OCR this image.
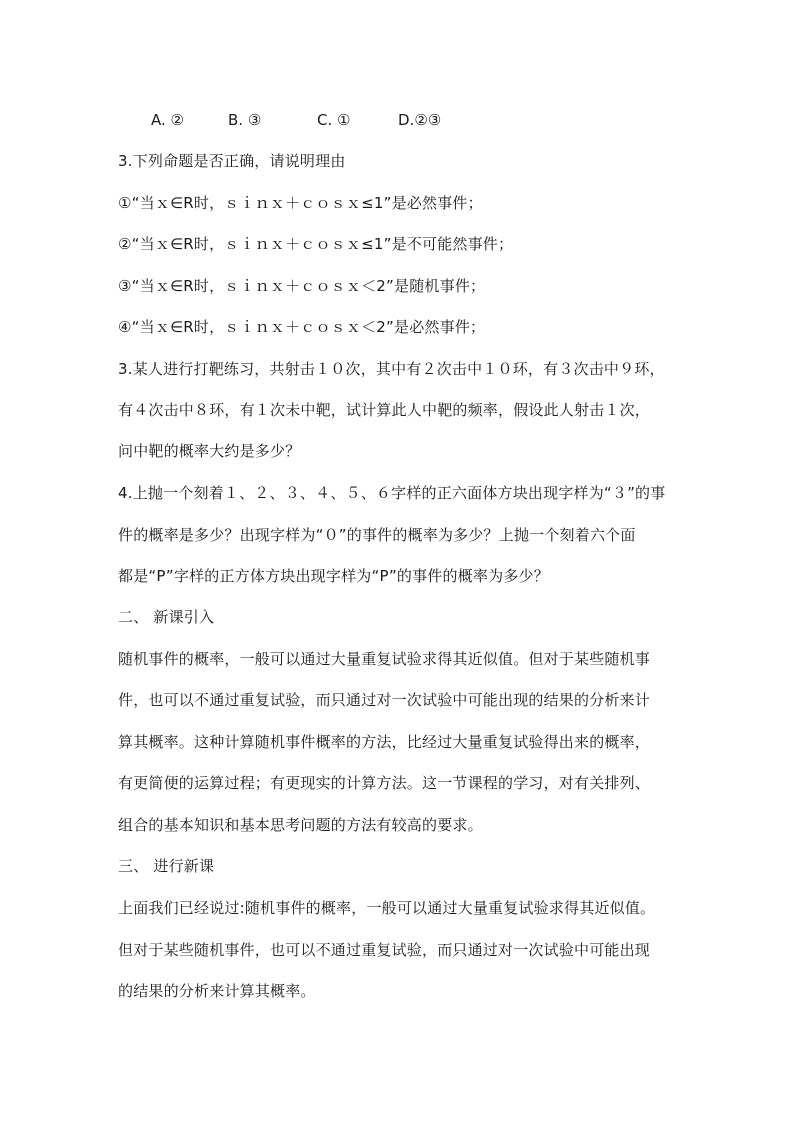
A. ②	B. ③	C. ①	D.②③
3.下列命题是否正确，请说明理由
①“当ｘ∈R时，ｓｉｎｘ＋ｃｏｓｘ≤1”是必然事件；
②“当ｘ∈R时，ｓｉｎｘ＋ｃｏｓｘ≤1”是不可能然事件；
③“当ｘ∈R时，ｓｉｎｘ＋ｃｏｓｘ＜2”是随机事件；
④“当ｘ∈R时，ｓｉｎｘ＋ｃｏｓｘ＜2”是必然事件；
3.某人进行打靶练习，共射击１０次，其中有２次击中１０环，有３次击中９环，
有４次击中８环，有１次未中靶，试计算此人中靶的频率，假设此人射击１次，
问中靶的概率大约是多少？
4.上抛一个刻着１、２、３、４、５、６字样的正六面体方块出现字样为“３”的事
件的概率是多少？出现字样为“０”的事件的概率为多少？上抛一个刻着六个面
都是“P”字样的正方体方块出现字样为“P”的事件的概率为多少？
二、 新课引入
随机事件的概率，一般可以通过大量重复试验求得其近似值。但对于某些随机事
件，也可以不通过重复试验，而只通过对一次试验中可能出现的结果的分析来计
算其概率。这种计算随机事件概率的方法，比经过大量重复试验得出来的概率，
有更简便的运算过程；有更现实的计算方法。这一节课程的学习，对有关排列、
组合的基本知识和基本思考问题的方法有较高的要求。
三、 进行新课
上面我们已经说过:随机事件的概率，一般可以通过大量重复试验求得其近似值。
但对于某些随机事件，也可以不通过重复试验，而只通过对一次试验中可能出现
的结果的分析来计算其概率。
